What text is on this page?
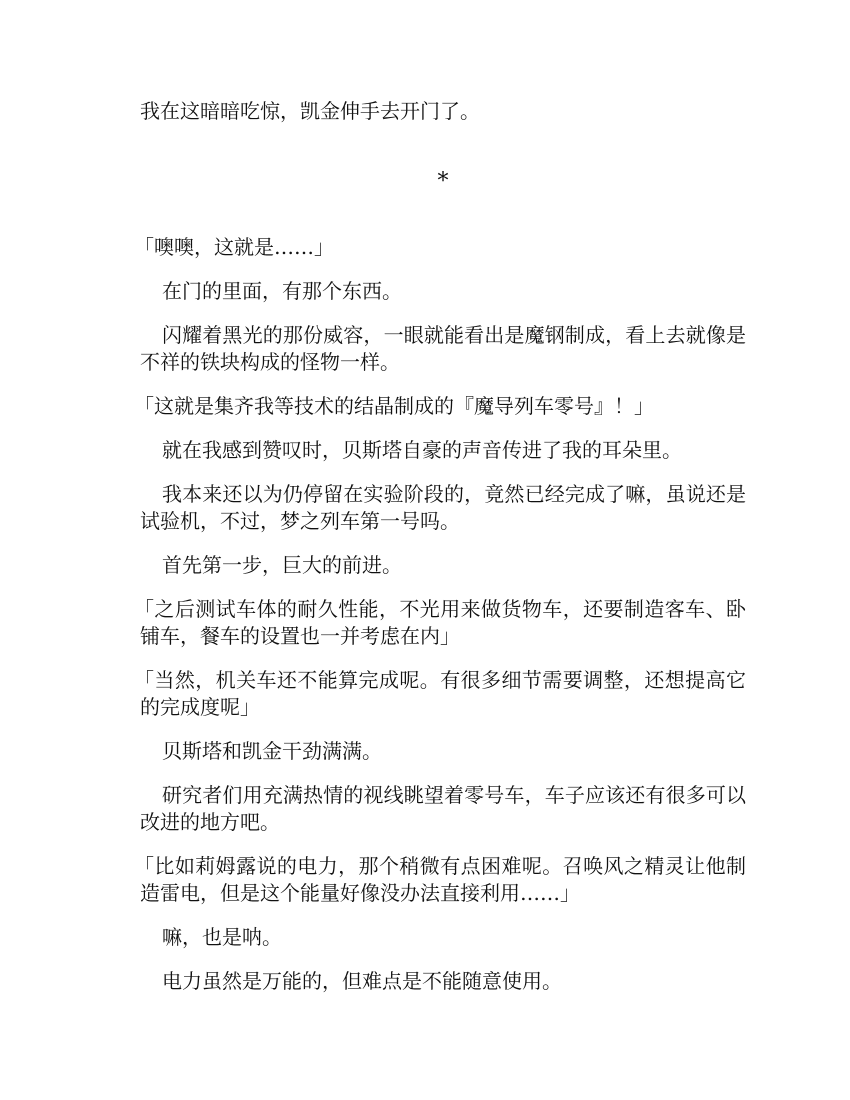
我在这暗暗吃惊，凯金伸手去开门了。

*

「噢噢，这就是……」

在门的里面，有那个东西。

闪耀着黑光的那份威容，一眼就能看出是魔钢制成，看上去就像是不祥的铁块构成的怪物一样。

「这就是集齐我等技术的结晶制成的『魔导列车零号』！」

就在我感到赞叹时，贝斯塔自豪的声音传进了我的耳朵里。

我本来还以为仍停留在实验阶段的，竟然已经完成了嘛，虽说还是试验机，不过，梦之列车第一号吗。

首先第一步，巨大的前进。

「之后测试车体的耐久性能，不光用来做货物车，还要制造客车、卧铺车，餐车的设置也一并考虑在内」

「当然，机关车还不能算完成呢。有很多细节需要调整，还想提高它的完成度呢」

贝斯塔和凯金干劲满满。

研究者们用充满热情的视线眺望着零号车，车子应该还有很多可以改进的地方吧。

「比如莉姆露说的电力，那个稍微有点困难呢。召唤风之精灵让他制造雷电，但是这个能量好像没办法直接利用……」

嘛，也是呐。

电力虽然是万能的，但难点是不能随意使用。
